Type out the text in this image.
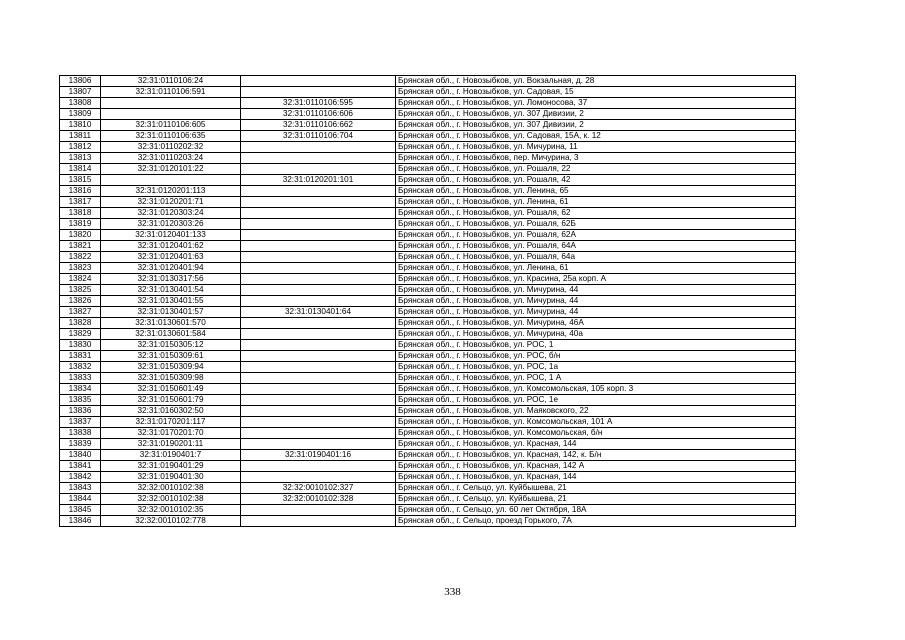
13806	32:31:0110106:24		Брянская обл., г. Новозыбков, ул. Вокзальная, д. 28
13807	32:31:0110106:591		Брянская обл., г. Новозыбков, ул. Садовая, 15
13808		32:31:0110106:595	Брянская обл., г. Новозыбков, ул. Ломоносова, 37
13809		32:31:0110106:606	Брянская обл., г. Новозыбков, ул. 307 Дивизии, 2
13810	32:31:0110106:605	32:31:0110106:662	Брянская обл., г. Новозыбков, ул. 307 Дивизии, 2
13811	32:31:0110106:635	32:31:0110106:704	Брянская обл., г. Новозыбков, ул. Садовая, 15А, к. 12
13812	32:31:0110202:32		Брянская обл., г. Новозыбков, ул. Мичурина, 11
13813	32:31:0110203:24		Брянская обл., г. Новозыбков, пер. Мичурина, 3
13814	32:31:0120101:22		Брянская обл., г. Новозыбков, ул. Рошаля, 22
13815		32:31:0120201:101	Брянская обл., г. Новозыбков, ул. Рошаля, 42
13816	32:31:0120201:113		Брянская обл., г. Новозыбков, ул. Ленина, 65
13817	32:31:0120201:71		Брянская обл., г. Новозыбков, ул. Ленина, 61
13818	32:31:0120303:24		Брянская обл., г. Новозыбков, ул. Рошаля, 62
13819	32:31:0120303:26		Брянская обл., г. Новозыбков, ул. Рошаля, 62Б
13820	32:31:0120401:133		Брянская обл., г. Новозыбков, ул. Рошаля, 62А
13821	32:31:0120401:62		Брянская обл., г. Новозыбков, ул. Рошаля, 64А
13822	32:31:0120401:63		Брянская обл., г. Новозыбков, ул. Рошаля, 64а
13823	32:31:0120401:94		Брянская обл., г. Новозыбков, ул. Ленина, 61
13824	32:31:0130317:56		Брянская обл., г. Новозыбков, ул. Красина, 25а корп. А
13825	32:31:0130401:54		Брянская обл., г. Новозыбков, ул. Мичурина, 44
13826	32:31:0130401:55		Брянская обл., г. Новозыбков, ул. Мичурина, 44
13827	32:31:0130401:57	32:31:0130401:64	Брянская обл., г. Новозыбков, ул. Мичурина, 44
13828	32:31:0130601:570		Брянская обл., г. Новозыбков, ул. Мичурина, 46А
13829	32:31:0130601:584		Брянская обл., г. Новозыбков, ул. Мичурина, 40а
13830	32:31:0150305:12		Брянская обл., г. Новозыбков, ул. РОС, 1
13831	32:31:0150309:61		Брянская обл., г. Новозыбков, ул. РОС, б/н
13832	32:31:0150309:94		Брянская обл., г. Новозыбков, ул. РОС, 1а
13833	32:31:0150309:98		Брянская обл., г. Новозыбков, ул. РОС, 1 А
13834	32:31:0150601:49		Брянская обл., г. Новозыбков, ул. Комсомольская, 105 корп. 3
13835	32:31:0150601:79		Брянская обл., г. Новозыбков, ул. РОС, 1е
13836	32:31:0160302:50		Брянская обл., г. Новозыбков, ул. Маяковского, 22
13837	32:31:0170201:117		Брянская обл., г. Новозыбков, ул. Комсомольская, 101 А
13838	32:31:0170201:70		Брянская обл., г. Новозыбков, ул. Комсомольская, б/н
13839	32:31:0190201:11		Брянская обл., г. Новозыбков, ул. Красная, 144
13840	32:31:0190401:7	32:31:0190401:16	Брянская обл., г. Новозыбков, ул. Красная, 142, к. Б/н
13841	32:31:0190401:29		Брянская обл., г. Новозыбков, ул. Красная, 142 А
13842	32:31:0190401:30		Брянская обл., г. Новозыбков, ул. Красная, 144
13843	32:32:0010102:38	32:32:0010102:327	Брянская обл., г. Сельцо, ул. Куйбышева, 21
13844	32:32:0010102:38	32:32:0010102:328	Брянская обл., г. Сельцо, ул. Куйбышева, 21
13845	32:32:0010102:35		Брянская обл., г. Сельцо, ул. 60 лет Октября, 18А
13846	32:32:0010102:778		Брянская обл., г. Сельцо, проезд Горького, 7А
338
